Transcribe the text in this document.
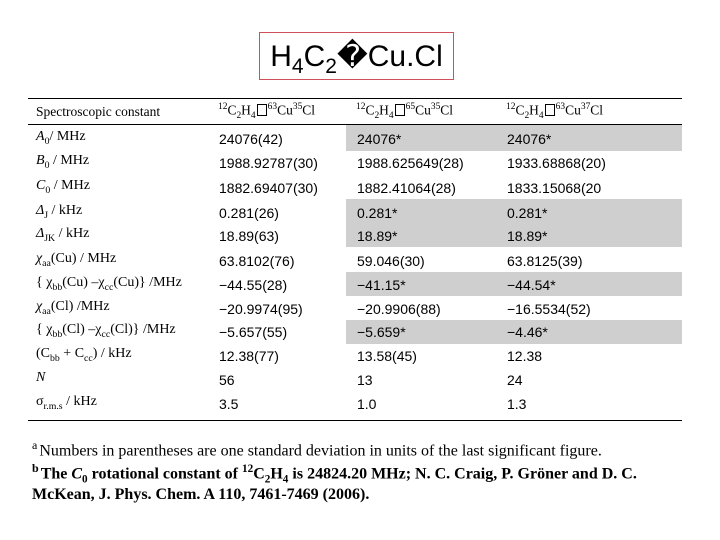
$H_4C_2�Cu.Cl$
Spectroscopic constant	$^{12}C_2H_4^{63}Cu^{35}Cl$	$^{12}C_2H_4^{65}Cu^{35}Cl$	$^{12}C_2H_4^{63}Cu^{37}Cl$
$A_0/$ MHz	24076(42)	24076*	24076*
$B_0$ / MHz	1988.92787(30)	1988.625649(28)	1933.68868(20)
$C_0$ / MHz	1882.69407(30)	1882.41064(28)	1833.15068(20
$\Delta_J$ / kHz	0.281(26)	0.281*	0.281*
$\Delta_{JK}$ / kHz	18.89(63)	18.89*	18.89*
$\chi_{aa}(Cu)$ / MHz	63.8102(76)	59.046(30)	63.8125(39)
{ $\chi_{bb}(Cu)$ $-\chi_{cc}(Cu)$} /MHz	−44.55(28)	−41.15*	−44.54*
$\chi_{aa}(Cl)$ /MHz	−20.9974(95)	−20.9906(88)	−16.5534(52)
{ $\chi_{bb}(Cl)$ $-\chi_{cc}(Cl)$} /MHz	−5.657(55)	−5.659*	−4.46*
$(C_{bb} + C_{cc})$ / kHz	12.38(77)	13.58(45)	12.38
N	56	13	24
$\sigma_{r.m.s}$ / kHz	3.5	1.0	1.3
$^a$ Numbers in parentheses are one standard deviation in units of the last significant figure.
$^b$ The $C_0$ rotational constant of $^{12}C_2H_4$ is 24824.20 MHz; N. C. Craig, P. Gröner and D. C.
McKean, J. Phys. Chem. A 110, 7461-7469 (2006).
